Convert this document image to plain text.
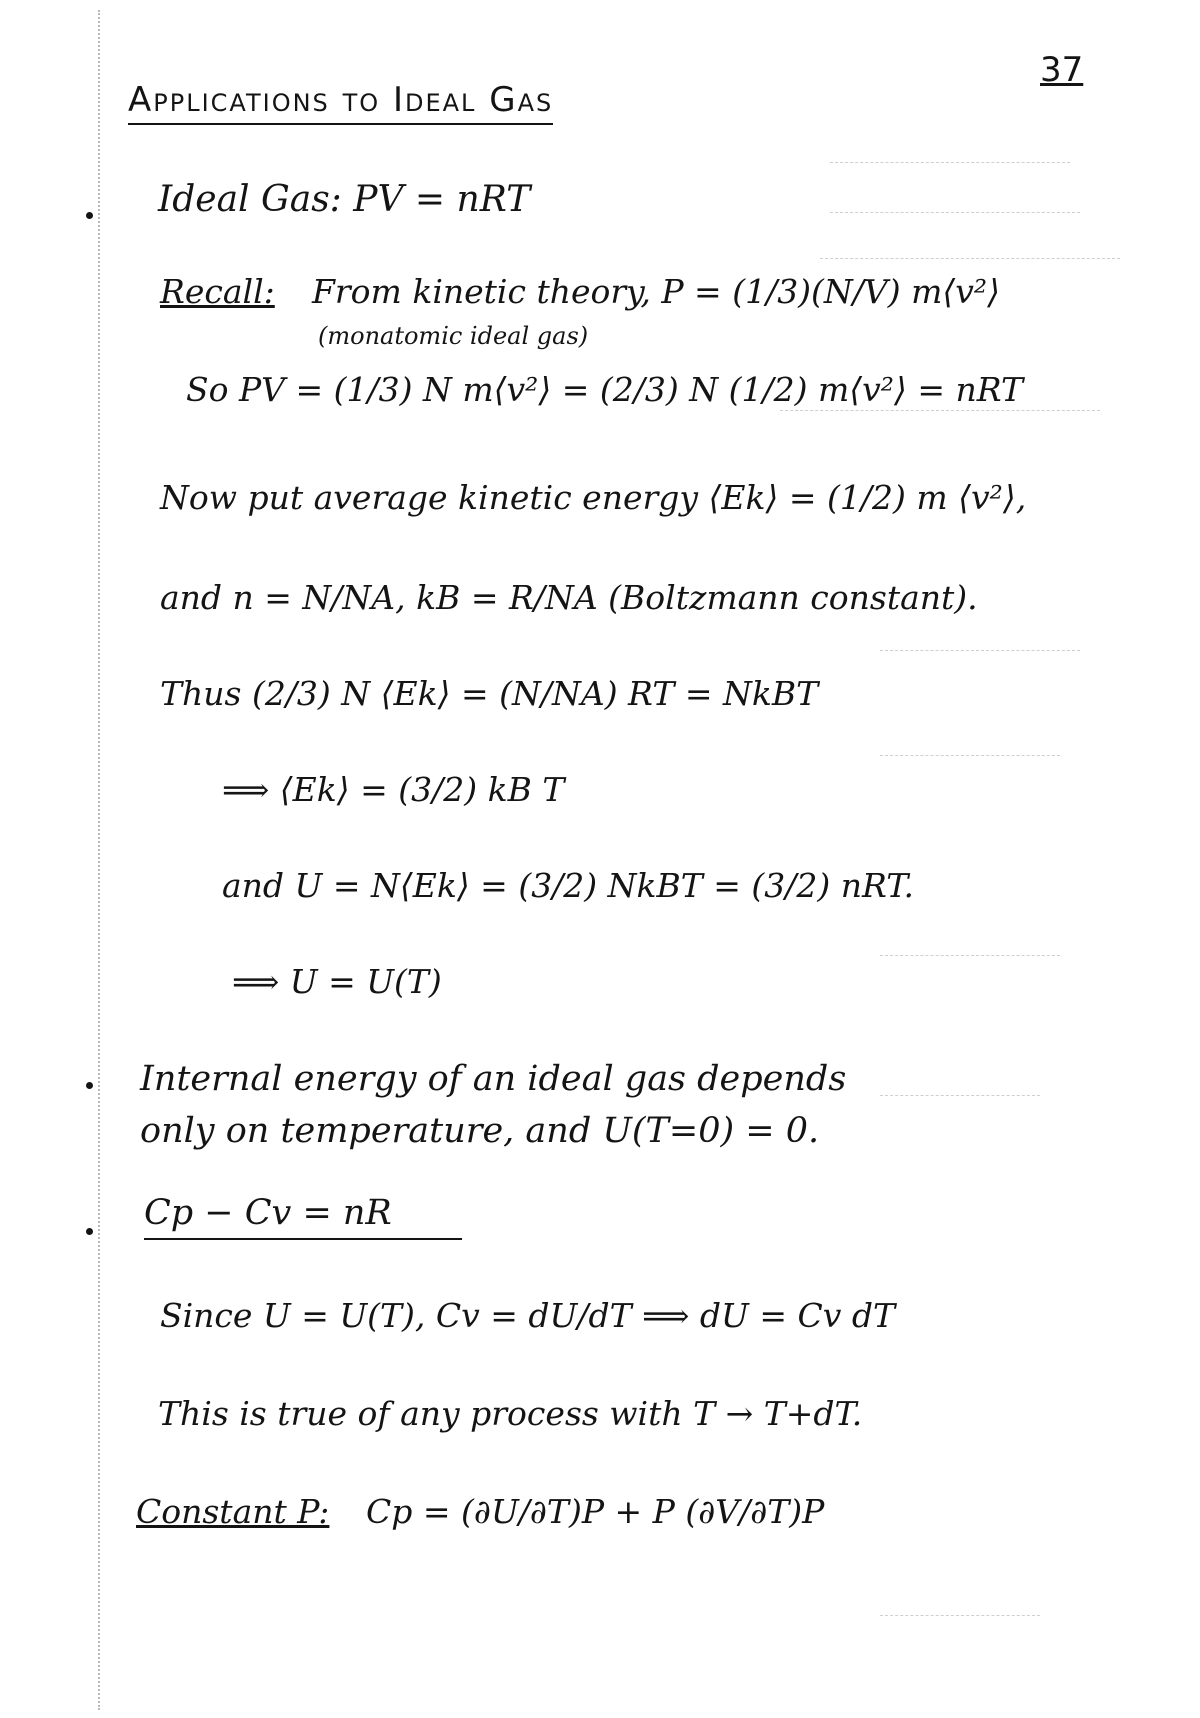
37
Applications to Ideal Gas
Ideal Gas: PV = nRT
Recall: From kinetic theory, P = (1/3)(N/V) m⟨v²⟩
(monatomic ideal gas)
So PV = (1/3) N m⟨v²⟩ = (2/3) N (1/2) m⟨v²⟩ = nRT
Now put average kinetic energy ⟨Ek⟩ = (1/2) m ⟨v²⟩,
and n = N/NA, kB = R/NA (Boltzmann constant).
Thus (2/3) N ⟨Ek⟩ = (N/NA) RT = NkBT
⟹ ⟨Ek⟩ = (3/2) kB T
and U = N⟨Ek⟩ = (3/2) NkBT = (3/2) nRT.
⟹ U = U(T)
Internal energy of an ideal gas depends
only on temperature, and U(T=0) = 0.
Cp − Cv = nR
Since U = U(T), Cv = dU/dT ⟹ dU = Cv dT
This is true of any process with T → T+dT.
Constant P: Cp = (∂U/∂T)P + P (∂V/∂T)P
